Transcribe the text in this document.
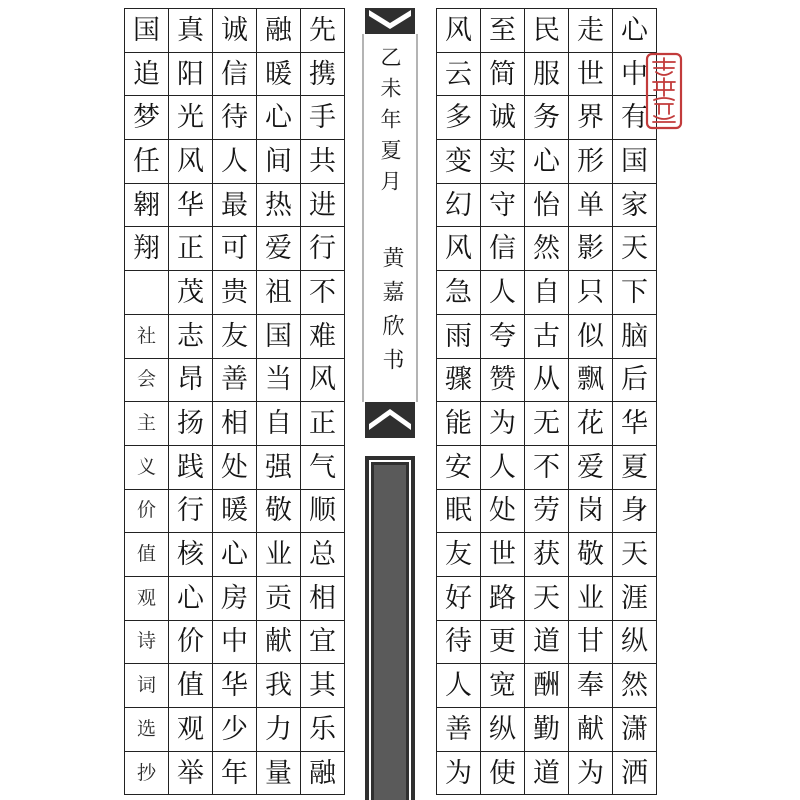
先
携
手
共
进
行
不
难
风
正
气
顺
总
相
宜
其
乐
融
融
暖
心
间
热
爱
祖
国
当
自
强
敬
业
贡
献
我
力
量
诚
信
待
人
最
可
贵
友
善
相
处
暖
心
房
中
华
少
年
真
阳
光
风
华
正
茂
志
昂
扬
践
行
核
心
价
值
观
举
国
追
梦
任
翱
翔
社
会
主
义
价
值
观
诗
词
选
抄
乙未年夏月
黄嘉欣书
心
中
有
国
家
天
下
脑
后
华
夏
身
天
涯
纵
然
潇
洒
走
世
界
形
单
影
只
似
飘
花
爱
岗
敬
业
甘
奉
献
为
民
服
务
心
怡
然
自
古
从
无
不
劳
获
天
道
酬
勤
道
至
简
诚
实
守
信
人
夸
赞
为
人
处
世
路
更
宽
纵
使
风
云
多
变
幻
风
急
雨
骤
能
安
眠
友
好
待
人
善
为
